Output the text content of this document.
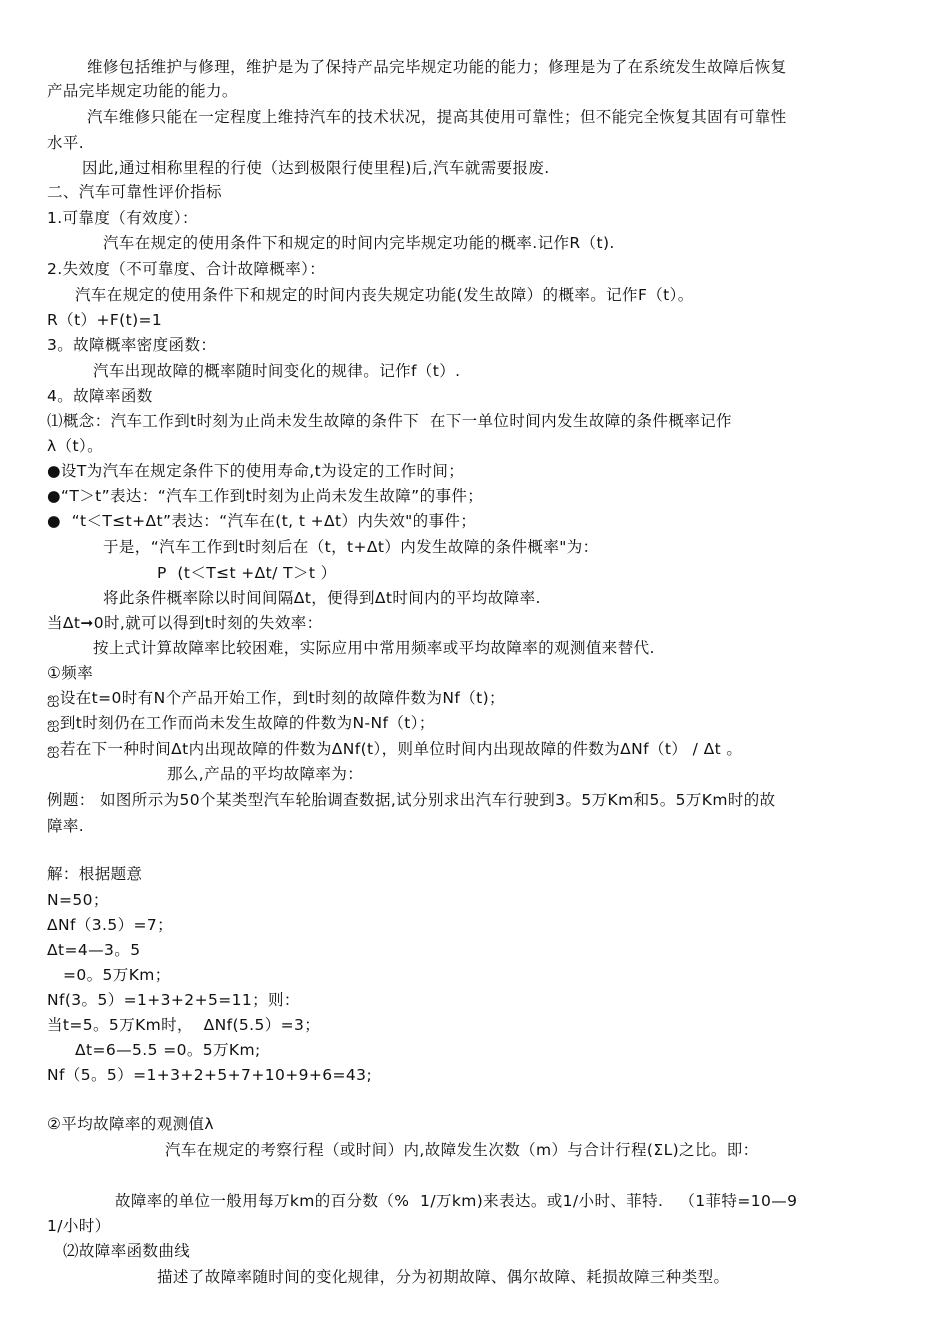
维修包括维护与修理，维护是为了保持产品完毕规定功能的能力；修理是为了在系统发生故障后恢复
产品完毕规定功能的能力。
汽车维修只能在一定程度上维持汽车的技术状况，提高其使用可靠性；但不能完全恢复其固有可靠性
水平.
因此,通过相称里程的行使（达到极限行使里程)后,汽车就需要报废.
二、汽车可靠性评价指标
1.可靠度（有效度）：
汽车在规定的使用条件下和规定的时间内完毕规定功能的概率.记作R（t).
2.失效度（不可靠度、合计故障概率）：
汽车在规定的使用条件下和规定的时间内丧失规定功能(发生故障）的概率。记作F（t）。
R（t）+F(t)=1
3。故障概率密度函数：
汽车出现故障的概率随时间变化的规律。记作f（t）.
4。故障率函数
⑴概念：汽车工作到t时刻为止尚未发生故障的条件下  在下一单位时间内发生故障的条件概率记作
λ（t）。
●设T为汽车在规定条件下的使用寿命,t为设定的工作时间；
●“T＞t”表达：“汽车工作到t时刻为止尚未发生故障”的事件；
●  “t＜T≤t+Δt”表达：“汽车在(t, t +Δt）内失效"的事件；
于是，“汽车工作到t时刻后在（t，t+Δt）内发生故障的条件概率"为：
P  (t＜T≤t +Δt/ T＞t ）
将此条件概率除以时间间隔Δt，便得到Δt时间内的平均故障率.
当Δt➞0时,就可以得到t时刻的失效率：
按上式计算故障率比较困难，实际应用中常用频率或平均故障率的观测值来替代.
①频率
ஐ设在t=0时有N个产品开始工作，到t时刻的故障件数为Nf（t)；
ஐ到t时刻仍在工作而尚未发生故障的件数为N-Nf（t）；
ஐ若在下一种时间Δt内出现故障的件数为ΔNf(t），则单位时间内出现故障的件数为ΔNf（t） / Δt 。
那么,产品的平均故障率为：
例题： 如图所示为50个某类型汽车轮胎调查数据,试分别求出汽车行驶到3。5万Km和5。5万Km时的故
障率.
解：根据题意
N=50；
ΔNf（3.5）=7；
Δt=4—3。5
=0。5万Km；
Nf(3。5）=1+3+2+5=11；则：
当t=5。5万Km时，  ΔNf(5.5）=3；
Δt=6—5.5 =0。5万Km;
Nf（5。5）=1+3+2+5+7+10+9+6=43;
②平均故障率的观测值λ
汽车在规定的考察行程（或时间）内,故障发生次数（m）与合计行程(ΣL)之比。即：
故障率的单位一般用每万km的百分数（%  1/万km)来表达。或1/小时、菲特.   （1菲特=10—9
1/小时）
⑵故障率函数曲线
描述了故障率随时间的变化规律，分为初期故障、偶尔故障、耗损故障三种类型。
